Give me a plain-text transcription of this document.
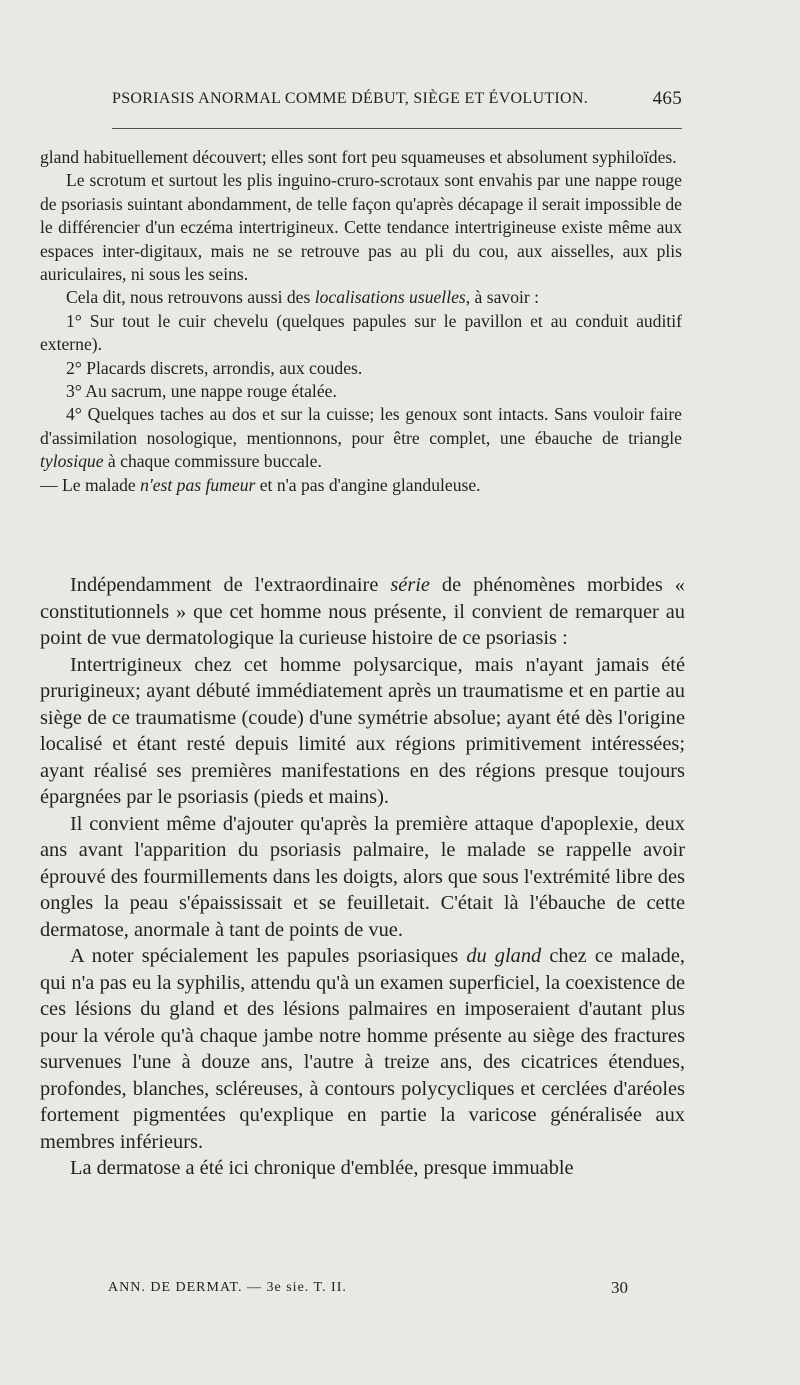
PSORIASIS ANORMAL COMME DÉBUT, SIÈGE ET ÉVOLUTION.	465

gland habituellement découvert; elles sont fort peu squameuses et absolument syphiloïdes.

Le scrotum et surtout les plis inguino-cruro-scrotaux sont envahis par une nappe rouge de psoriasis suintant abondamment, de telle façon qu'après décapage il serait impossible de le différencier d'un eczéma intertrigineux. Cette tendance intertrigineuse existe même aux espaces inter-digitaux, mais ne se retrouve pas au pli du cou, aux aisselles, aux plis auriculaires, ni sous les seins.

Cela dit, nous retrouvons aussi des localisations usuelles, à savoir :

1° Sur tout le cuir chevelu (quelques papules sur le pavillon et au conduit auditif externe).

2° Placards discrets, arrondis, aux coudes.

3° Au sacrum, une nappe rouge étalée.

4° Quelques taches au dos et sur la cuisse; les genoux sont intacts. Sans vouloir faire d'assimilation nosologique, mentionnons, pour être complet, une ébauche de triangle tylosique à chaque commissure buccale.

— Le malade n'est pas fumeur et n'a pas d'angine glanduleuse.

Indépendamment de l'extraordinaire série de phénomènes morbides « constitutionnels » que cet homme nous présente, il convient de remarquer au point de vue dermatologique la curieuse histoire de ce psoriasis :

Intertrigineux chez cet homme polysarcique, mais n'ayant jamais été prurigineux; ayant débuté immédiatement après un traumatisme et en partie au siège de ce traumatisme (coude) d'une symétrie absolue; ayant été dès l'origine localisé et étant resté depuis limité aux régions primitivement intéressées; ayant réalisé ses premières manifestations en des régions presque toujours épargnées par le psoriasis (pieds et mains).

Il convient même d'ajouter qu'après la première attaque d'apoplexie, deux ans avant l'apparition du psoriasis palmaire, le malade se rappelle avoir éprouvé des fourmillements dans les doigts, alors que sous l'extrémité libre des ongles la peau s'épaississait et se feuilletait. C'était là l'ébauche de cette dermatose, anormale à tant de points de vue.

A noter spécialement les papules psoriasiques du gland chez ce malade, qui n'a pas eu la syphilis, attendu qu'à un examen superficiel, la coexistence de ces lésions du gland et des lésions palmaires en imposeraient d'autant plus pour la vérole qu'à chaque jambe notre homme présente au siège des fractures survenues l'une à douze ans, l'autre à treize ans, des cicatrices étendues, profondes, blanches, scléreuses, à contours polycycliques et cerclées d'aréoles fortement pigmentées qu'explique en partie la varicose généralisée aux membres inférieurs.

La dermatose a été ici chronique d'emblée, presque immuable

ANN. DE DERMAT. — 3e sie. T. II.	30
